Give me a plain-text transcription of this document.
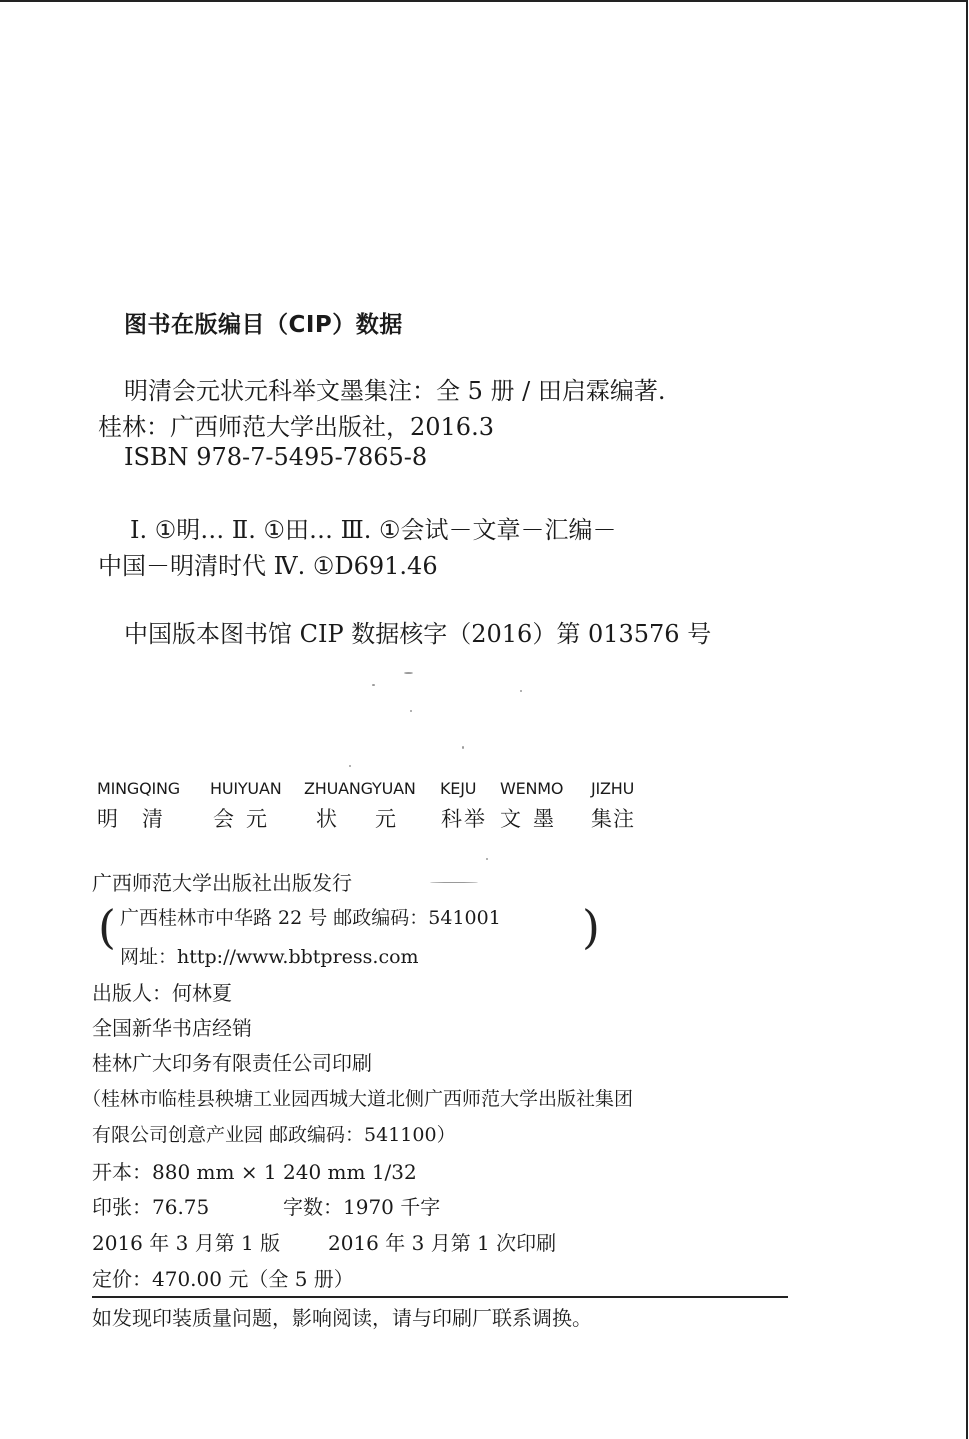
图书在版编目（CIP）数据
明清会元状元科举文墨集注：全 5 册 / 田启霖编著.
桂林：广西师范大学出版社，2016.3
ISBN 978-7-5495-7865-8
Ⅰ. ①明… Ⅱ. ①田… Ⅲ. ①会试－文章－汇编－
中国－明清时代 Ⅳ. ①D691.46
中国版本图书馆 CIP 数据核字（2016）第 013576 号
MINGQING HUIYUAN ZHUANGYUAN KEJU WENMO JIZHU
明清 会元 状元 科举 文墨 集注
广西师范大学出版社出版发行
( 广西桂林市中华路 22 号 邮政编码：541001 )
网址：http://www.bbtpress.com
出版人：何林夏
全国新华书店经销
桂林广大印务有限责任公司印刷
（桂林市临桂县秧塘工业园西城大道北侧广西师范大学出版社集团
有限公司创意产业园 邮政编码：541100）
开本：880 mm × 1 240 mm 1/32
印张：76.75	字数：1970 千字
2016 年 3 月第 1 版 2016 年 3 月第 1 次印刷
定价：470.00 元（全 5 册）
如发现印装质量问题，影响阅读，请与印刷厂联系调换。
